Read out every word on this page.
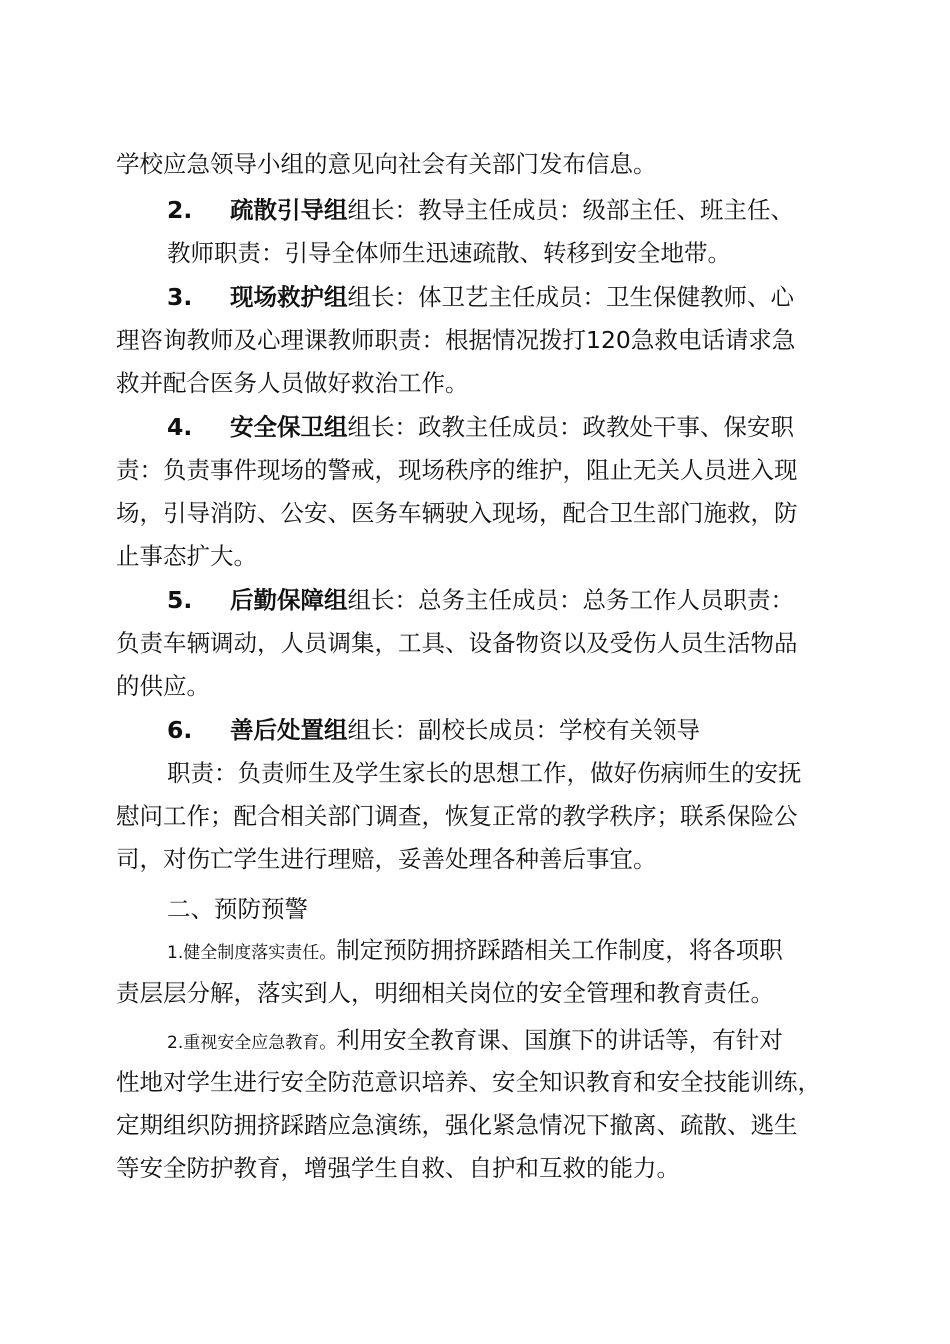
学校应急领导小组的意见向社会有关部门发布信息。
2. 疏散引导组组长：教导主任成员：级部主任、班主任、
教师职责：引导全体师生迅速疏散、转移到安全地带。
3. 现场救护组组长：体卫艺主任成员：卫生保健教师、心
理咨询教师及心理课教师职责：根据情况拨打120急救电话请求急
救并配合医务人员做好救治工作。
4. 安全保卫组组长：政教主任成员：政教处干事、保安职
责：负责事件现场的警戒，现场秩序的维护，阻止无关人员进入现
场，引导消防、公安、医务车辆驶入现场，配合卫生部门施救，防
止事态扩大。
5. 后勤保障组组长：总务主任成员：总务工作人员职责：
负责车辆调动，人员调集，工具、设备物资以及受伤人员生活物品
的供应。
6. 善后处置组组长：副校长成员：学校有关领导
职责：负责师生及学生家长的思想工作，做好伤病师生的安抚
慰问工作；配合相关部门调查，恢复正常的教学秩序；联系保险公
司，对伤亡学生进行理赔，妥善处理各种善后事宜。
二、预防预警
1.健全制度落实责任。制定预防拥挤踩踏相关工作制度，将各项职
责层层分解，落实到人，明细相关岗位的安全管理和教育责任。
2.重视安全应急教育。利用安全教育课、国旗下的讲话等，有针对
性地对学生进行安全防范意识培养、安全知识教育和安全技能训练，
定期组织防拥挤踩踏应急演练，强化紧急情况下撤离、疏散、逃生
等安全防护教育，增强学生自救、自护和互救的能力。
